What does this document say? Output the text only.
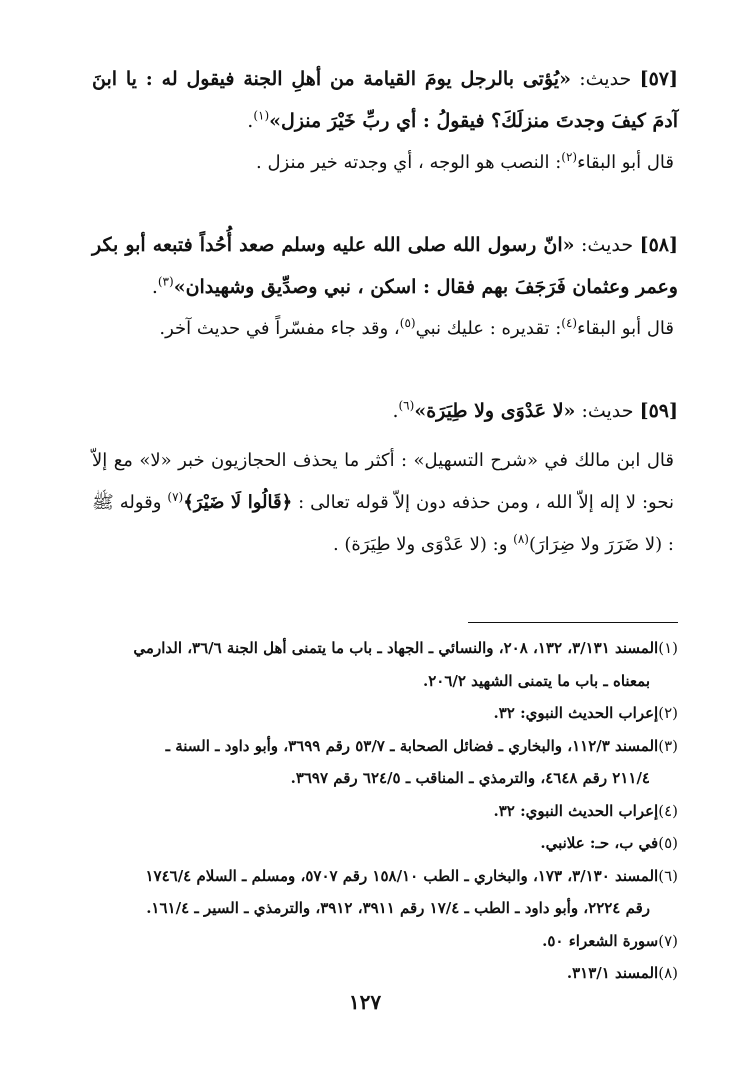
[٥٧] حديث: «يُؤتى بالرجل يومَ القيامة من أهلِ الجنة فيقول له : يا ابنَ آدمَ كيفَ وجدتَ منزلَكَ؟ فيقولُ : أي ربِّ خَيْرَ منزل»$^{(١)}$.

قال أبو البقاء$^{(٢)}$: النصب هو الوجه ، أي وجدته خير منزل .

[٥٨] حديث: «انّ رسول الله صلى الله عليه وسلم صعد أُحُداً فتبعه أبو بكر وعمر وعثمان فَرَجَفَ بهم فقال : اسكن ، نبي وصدِّيق وشهيدان»$^{(٣)}$.

قال أبو البقاء$^{(٤)}$: تقديره : عليك نبي$^{(٥)}$، وقد جاء مفسّراً في حديث آخر.

[٥٩] حديث: «لا عَدْوَى ولا طِيَرَة»$^{(٦)}$.

قال ابن مالك في «شرح التسهيل» : أكثر ما يحذف الحجازيون خبر «لا» مع إلاّ نحو: لا إله إلاّ الله ، ومن حذفه دون إلاّ قوله تعالى : ﴿قَالُوا لَا ضَيْرَ﴾$^{(٧)}$ وقوله ﷺ : (لا ضَرَرَ ولا ضِرَارَ)$^{(٨)}$ و: (لا عَدْوَى ولا طِيَرَة) .

(١)المسند ٣/١٣١، ١٣٢، ٢٠٨، والنسائي ـ الجهاد ـ باب ما يتمنى أهل الجنة ٣٦/٦، الدارمي
بمعناه ـ باب ما يتمنى الشهيد ٢٠٦/٢.

(٢)إعراب الحديث النبوي: ٣٢.

(٣)المسند ١١٢/٣، والبخاري ـ فضائل الصحابة ـ ٥٣/٧ رقم ٣٦٩٩، وأبو داود ـ السنة ـ
٢١١/٤ رقم ٤٦٤٨، والترمذي ـ المناقب ـ ٦٢٤/٥ رقم ٣٦٩٧.

(٤)إعراب الحديث النبوي: ٣٢.

(٥)في ب، حـ: علانبي.

(٦)المسند ٣/١٣٠، ١٧٣، والبخاري ـ الطب ١٥٨/١٠ رقم ٥٧٠٧، ومسلم ـ السلام ١٧٤٦/٤
رقم ٢٢٢٤، وأبو داود ـ الطب ـ ١٧/٤ رقم ٣٩١١، ٣٩١٢، والترمذي ـ السير ـ ١٦١/٤.

(٧)سورة الشعراء ٥٠.

(٨)المسند ٣١٣/١.

١٢٧
